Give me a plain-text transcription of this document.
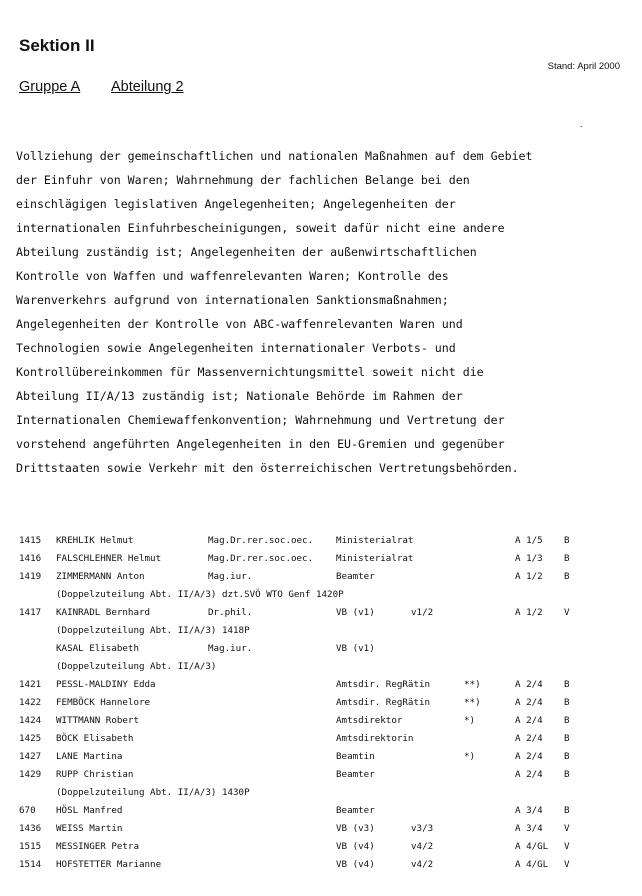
Sektion II
Stand: April 2000
Gruppe A Abteilung 2
.
Vollziehung der gemeinschaftlichen und nationalen Maßnahmen auf dem Gebiet
der Einfuhr von Waren; Wahrnehmung der fachlichen Belange bei den
einschlägigen legislativen Angelegenheiten; Angelegenheiten der
internationalen Einfuhrbescheinigungen, soweit dafür nicht eine andere
Abteilung zuständig ist; Angelegenheiten der außenwirtschaftlichen
Kontrolle von Waffen und waffenrelevanten Waren; Kontrolle des
Warenverkehrs aufgrund von internationalen Sanktionsmaßnahmen;
Angelegenheiten der Kontrolle von ABC-waffenrelevanten Waren und
Technologien sowie Angelegenheiten internationaler Verbots- und
Kontrollübereinkommen für Massenvernichtungsmittel soweit nicht die
Abteilung II/A/13 zuständig ist; Nationale Behörde im Rahmen der
Internationalen Chemiewaffenkonvention; Wahrnehmung und Vertretung der
vorstehend angeführten Angelegenheiten in den EU-Gremien und gegenüber
Drittstaaten sowie Verkehr mit den österreichischen Vertretungsbehörden.
1415 KREHLIK Helmut	Mag.Dr.rer.soc.oec. Ministerialrat	A 1/5 B
1416 FALSCHLEHNER Helmut	Mag.Dr.rer.soc.oec. Ministerialrat	A 1/3 B
1419 ZIMMERMANN Anton	Mag.iur.	Beamter	A 1/2 B
(Doppelzuteilung Abt. II/A/3) dzt.SVÖ WTO Genf 1420P
1417 KAINRADL Bernhard	Dr.phil.	VB (v1)	v1/2	A 1/2 V
(Doppelzuteilung Abt. II/A/3) 1418P
KASAL Elisabeth	Mag.iur.	VB (v1)
(Doppelzuteilung Abt. II/A/3)
1421 PESSL-MALDINY Edda	Amtsdir. RegRätin	**)	A 2/4 B
1422 FEMBÖCK Hannelore	Amtsdir. RegRätin	**)	A 2/4 B
1424 WITTMANN Robert	Amtsdirektor	*)	A 2/4 B
1425 BÖCK Elisabeth	Amtsdirektorin	A 2/4 B
1427 LANE Martina	Beamtin	*)	A 2/4 B
1429 RUPP Christian	Beamter	A 2/4 B
(Doppelzuteilung Abt. II/A/3) 1430P
670 HÖSL Manfred	Beamter	A 3/4 B
1436 WEISS Martin	VB (v3)	v3/3	A 3/4 V
1515 MESSINGER Petra	VB (v4)	v4/2	A 4/GL V
1514 HOFSTETTER Marianne	VB (v4)	v4/2	A 4/GL V
